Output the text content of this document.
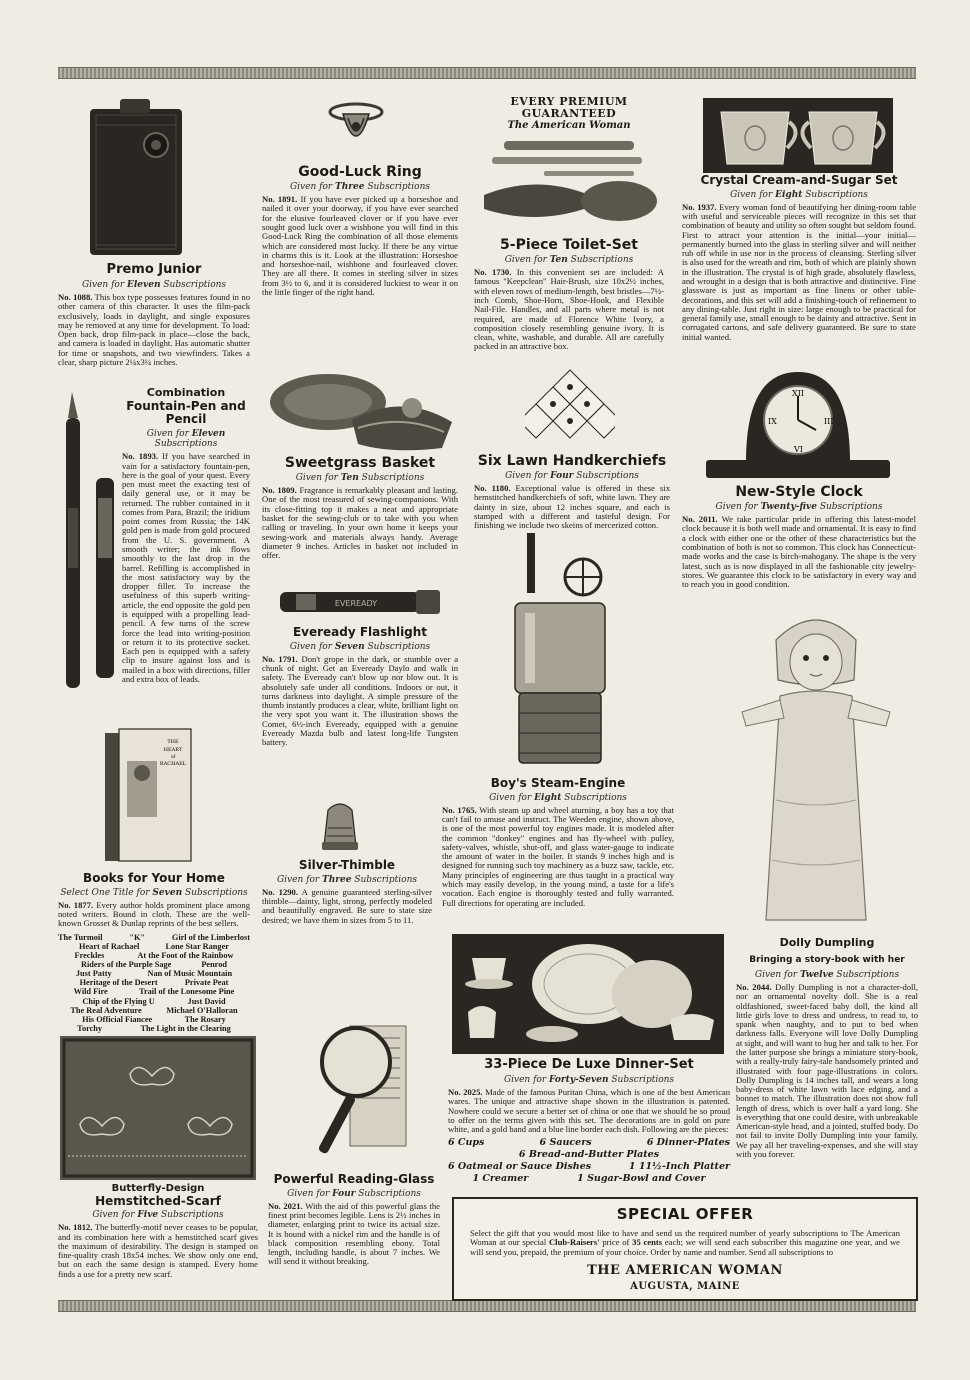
Premo Junior
Given for Eleven Subscriptions
No. 1088. This box type possesses features found in no other camera of this character. It uses the film-pack exclusively, loads in daylight, and single exposures may be removed at any time for development. To load: Open back, drop film-pack in place—close the back, and camera is loaded in daylight. Has automatic shutter for time or snapshots, and two viewfinders. Takes a clear, sharp picture 2¼x3¼ inches.
Good-Luck Ring
Given for Three Subscriptions
No. 1891. If you have ever picked up a horseshoe and nailed it over your doorway, if you have ever searched for the elusive fourleaved clover or if you have ever sought good luck over a wishbone you will find in this Good-Luck Ring the combination of all those elements which are considered most lucky. If there be any virtue in charms this is it. Look at the illustration: Horseshoe and horseshoe-nail, wishbone and fourleaved clover. They are all there. It comes in sterling silver in sizes from 3½ to 6, and it is considered luckiest to wear it on the little finger of the right hand.
EVERY PREMIUM
GUARANTEED
The American Woman
5-Piece Toilet-Set
Given for Ten Subscriptions
No. 1730. In this convenient set are included: A famous "Keepclean" Hair-Brush, size 10x2½ inches, with eleven rows of medium-length, best bristles—7½-inch Comb, Shoe-Horn, Shoe-Hook, and Flexible Nail-File. Handles, and all parts where metal is not required, are made of Florence White Ivory, a composition closely resembling genuine ivory. It is clean, white, washable, and durable. All are carefully packed in an attractive box.
Crystal Cream-and-Sugar Set
Given for Eight Subscriptions
No. 1937. Every woman fond of beautifying her dining-room table with useful and serviceable pieces will recognize in this set that combination of beauty and utility so often sought but seldom found. First to attract your attention is the initial—your initial—permanently burned into the glass in sterling silver and will neither rub off while in use nor in the process of cleansing. Sterling silver is also used for the wreath and rim, both of which are plainly shown in the illustration. The crystal is of high grade, absolutely flawless, and wrought in a design that is both attractive and distinctive. Fine glassware is just as important as fine linens or other table-decorations, and this set will add a finishing-touch of refinement to any dining-table. Just right in size: large enough to be practical for general family use, small enough to be dainty and attractive. Sent in corrugated cartons, and safe delivery guaranteed. Be sure to state initial wanted.
Combination
Fountain-Pen and Pencil
Given for Eleven Subscriptions
No. 1893. If you have searched in vain for a satisfactory fountain-pen, here is the goal of your quest. Every pen must meet the exacting test of daily general use, or it may be returned. The rubber contained in it comes from Para, Brazil; the iridium point comes from Russia; the 14K gold pen is made from gold procured from the U. S. government. A smooth writer; the ink flows smoothly to the last drop in the barrel. Refilling is accomplished in the most satisfactory way by the dropper filler. To increase the usefulness of this superb writing-article, the end opposite the gold pen is equipped with a propelling lead-pencil. A few turns of the screw force the lead into writing-position or return it to its protective socket. Each pen is equipped with a safety clip to insure against loss and is mailed in a box with directions, filler and extra box of leads.
Sweetgrass Basket
Given for Ten Subscriptions
No. 1809. Fragrance is remarkably pleasant and lasting. One of the most treasured of sewing-companions. With its close-fitting top it makes a neat and appropriate basket for the sewing-club or to take with you when calling or traveling. In your own home it keeps your sewing-work and materials always handy. Average diameter 9 inches. Articles in basket not included in offer.
Six Lawn Handkerchiefs
Given for Four Subscriptions
No. 1180. Exceptional value is offered in these six hemstitched handkerchiefs of soft, white lawn. They are dainty in size, about 12 inches square, and each is stamped with a different and tasteful design. For finishing we include two skeins of mercerized cotton.
XII
III
VI
IX
New-Style Clock
Given for Twenty-five Subscriptions
No. 2011. We take particular pride in offering this latest-model clock because it is both well made and ornamental. It is easy to find a clock with either one or the other of these characteristics but the combination of both is not so common. This clock has Connecticut-made works and the case is birch-mahogany. The shape is the very latest, such as is now displayed in all the fashionable city jewelry-stores. We guarantee this clock to be satisfactory in every way and to reach you in good condition.
EVEREADY
Eveready Flashlight
Given for Seven Subscriptions
No. 1791. Don't grope in the dark, or stumble over a chunk of night. Get an Eveready Daylo and walk in safety. The Eveready can't blow up nor blow out. It is absolutely safe under all conditions. Indoors or out, it turns darkness into daylight. A simple pressure of the thumb instantly produces a clear, white, brilliant light on the very spot you want it. The illustration shows the Comet, 6½-inch Eveready, equipped with a genuine Eveready Mazda bulb and latest long-life Tungsten battery.
Boy's Steam-Engine
Given for Eight Subscriptions
No. 1765. With steam up and wheel aturning, a boy has a toy that can't fail to amuse and instruct. The Weeden engine, shown above, is one of the most powerful toy engines made. It is modeled after the common "donkey" engines and has fly-wheel with pulley, safety-valves, whistle, shut-off, and glass water-gauge to indicate the amount of water in the boiler. It stands 9 inches high and is designed for running such toy machinery as a buzz saw, tackle, etc. Many principles of engineering are thus taught in a practical way which may easily develop, in the young mind, a taste for a life's vocation. Each engine is thoroughly tested and fully warranted. Full directions for operating are included.
Dolly Dumpling
Bringing a story-book with her
Given for Twelve Subscriptions
No. 2044. Dolly Dumpling is not a character-doll, nor an ornamental novelty doll. She is a real oldfashioned, sweet-faced baby doll, the kind all little girls love to dress and undress, to read to, to spank when naughty, and to put to bed when darkness falls. Everyone will love Dolly Dumpling at sight, and will want to hug her and talk to her. For the latter purpose she brings a miniature story-book, with a really-truly fairy-tale handsomely printed and illustrated with four page-illustrations in colors. Dolly Dumpling is 14 inches tall, and wears a long baby-dress of white lawn with lace edging, and a bonnet to match. The illustration does not show full length of dress, which is over half a yard long. She is everything that one could desire, with unbreakable American-style head, and a jointed, stuffed body. Do not fail to invite Dolly Dumpling into your family. We pay all her traveling-expenses, and she will stay with you forever.
THE
HEART
of
RACHAEL
Books for Your Home
Select One Title for Seven Subscriptions
No. 1877. Every author holds prominent place among noted writers. Bound in cloth. These are the well-known Grosset & Dunlap reprints of the best sellers.
The Turmoil	"K"	Girl of the Limberlost
Heart of Rachael	Lone Star Ranger
Freckles	At the Foot of the Rainbow
Riders of the Purple Sage	Penrod
Just Patty	Nan of Music Mountain
Heritage of the Desert	Private Peat
Wild Fire	Trail of the Lonesome Pine
Chip of the Flying U	Just David
The Real Adventure	Michael O'Halloran
His Official Fiancee	The Rosary
Torchy	The Light in the Clearing
Silver-Thimble
Given for Three Subscriptions
No. 1290. A genuine guaranteed sterling-silver thimble—dainty, light, strong, perfectly modeled and beautifully engraved. Be sure to state size desired; we have them in sizes from 5 to 11.
33-Piece De Luxe Dinner-Set
Given for Forty-Seven Subscriptions
No. 2025. Made of the famous Puritan China, which is one of the best American wares. The unique and attractive shape shown in the illustration is patented. Nowhere could we secure a better set of china or one that we should be so proud to offer on the terms given with this set. The decorations are in gold on pure white, and a gold band and a blue line border each dish. Following are the pieces:
6 Cups	6 Saucers	6 Dinner-Plates
6 Bread-and-Butter Plates
6 Oatmeal or Sauce Dishes	1 11½-Inch Platter
1 Creamer	1 Sugar-Bowl and Cover
Butterfly-Design
Hemstitched-Scarf
Given for Five Subscriptions
No. 1812. The butterfly-motif never ceases to be popular, and its combination here with a hemstitched scarf gives the maximum of desirability. The design is stamped on fine-quality crash 18x54 inches. We show only one end, but on each the same design is stamped. Every home finds a use for a pretty new scarf.
Powerful Reading-Glass
Given for Four Subscriptions
No. 2021. With the aid of this powerful glass the finest print becomes legible. Lens is 2½ inches in diameter, enlarging print to twice its actual size. It is bound with a nickel rim and the handle is of black composition resembling ebony. Total length, including handle, is about 7 inches. We will send it without breaking.
SPECIAL OFFER
Select the gift that you would most like to have and send us the required number of yearly subscriptions to The American Woman at our special Club-Raisers' price of 35 cents each; we will send each subscriber this magazine one year, and we will send you, prepaid, the premium of your choice. Order by name and number. Send all subscriptions to
THE AMERICAN WOMAN
AUGUSTA, MAINE
